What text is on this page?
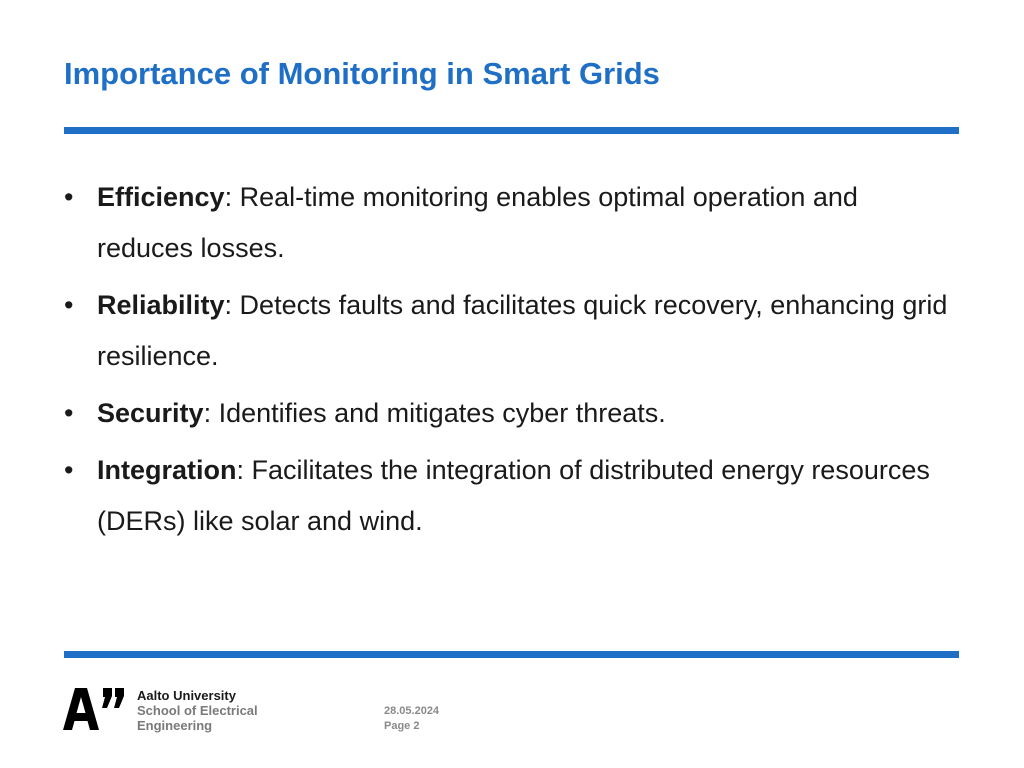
Importance of Monitoring in Smart Grids
• Efficiency: Real-time monitoring enables optimal operation and reduces losses.
• Reliability: Detects faults and facilitates quick recovery, enhancing grid resilience.
• Security: Identifies and mitigates cyber threats.
• Integration: Facilitates the integration of distributed energy resources (DERs) like solar and wind.
Aalto University
School of Electrical
Engineering
28.05.2024
Page 2
